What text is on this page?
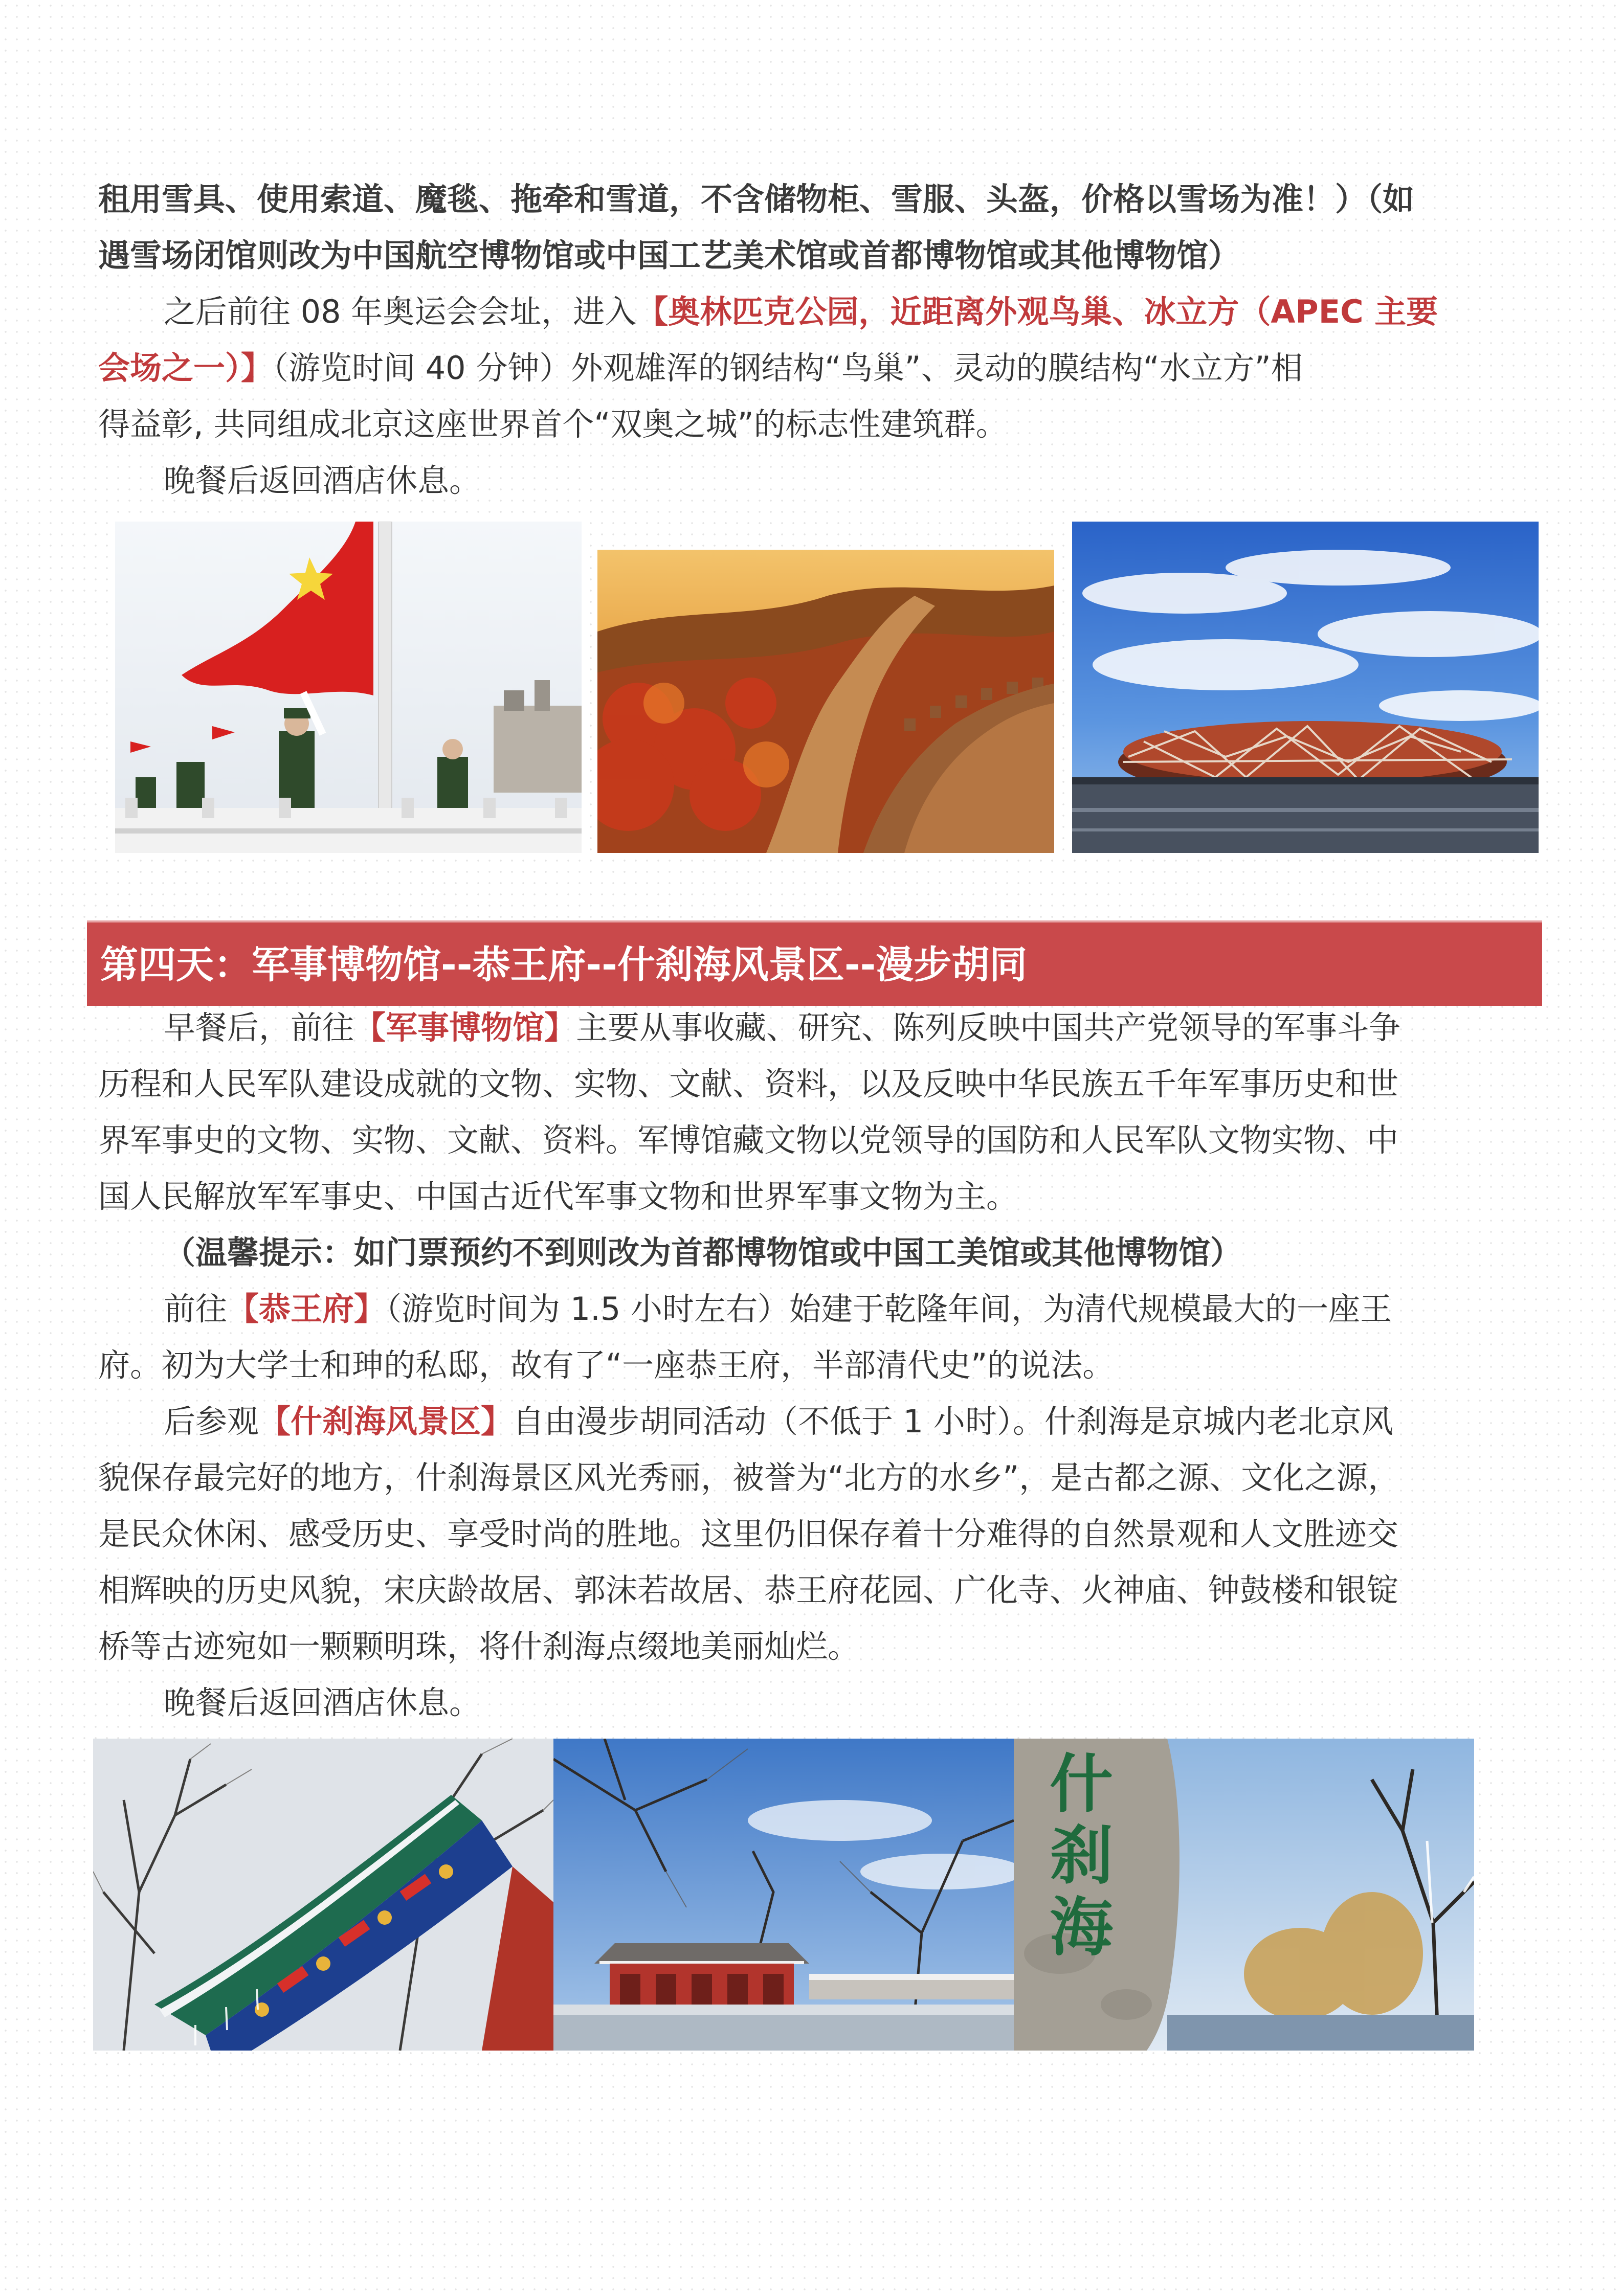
租用雪具、使用索道、魔毯、拖牵和雪道，不含储物柜、雪服、头盔，价格以雪场为准！）（如
遇雪场闭馆则改为中国航空博物馆或中国工艺美术馆或首都博物馆或其他博物馆）
之后前往 08 年奥运会会址，进入【奥林匹克公园，近距离外观鸟巢、冰立方（APEC 主要
会场之一）】（游览时间 40 分钟）外观雄浑的钢结构“鸟巢”、灵动的膜结构“水立方”相
得益彰, 共同组成北京这座世界首个“双奥之城”的标志性建筑群。
晚餐后返回酒店休息。
第四天：军事博物馆--恭王府--什刹海风景区--漫步胡同
早餐后，前往【军事博物馆】主要从事收藏、研究、陈列反映中国共产党领导的军事斗争
历程和人民军队建设成就的文物、实物、文献、资料，以及反映中华民族五千年军事历史和世
界军事史的文物、实物、文献、资料。军博馆藏文物以党领导的国防和人民军队文物实物、中
国人民解放军军事史、中国古近代军事文物和世界军事文物为主。
（温馨提示：如门票预约不到则改为首都博物馆或中国工美馆或其他博物馆）
前往【恭王府】（游览时间为 1.5 小时左右）始建于乾隆年间，为清代规模最大的一座王
府。初为大学士和珅的私邸，故有了“一座恭王府，半部清代史”的说法。
后参观【什刹海风景区】自由漫步胡同活动（不低于 1 小时）。什刹海是京城内老北京风
貌保存最完好的地方，什刹海景区风光秀丽，被誉为“北方的水乡”，是古都之源、文化之源，
是民众休闲、感受历史、享受时尚的胜地。这里仍旧保存着十分难得的自然景观和人文胜迹交
相辉映的历史风貌，宋庆龄故居、郭沫若故居、恭王府花园、广化寺、火神庙、钟鼓楼和银锭
桥等古迹宛如一颗颗明珠，将什刹海点缀地美丽灿烂。
晚餐后返回酒店休息。
什刹海
